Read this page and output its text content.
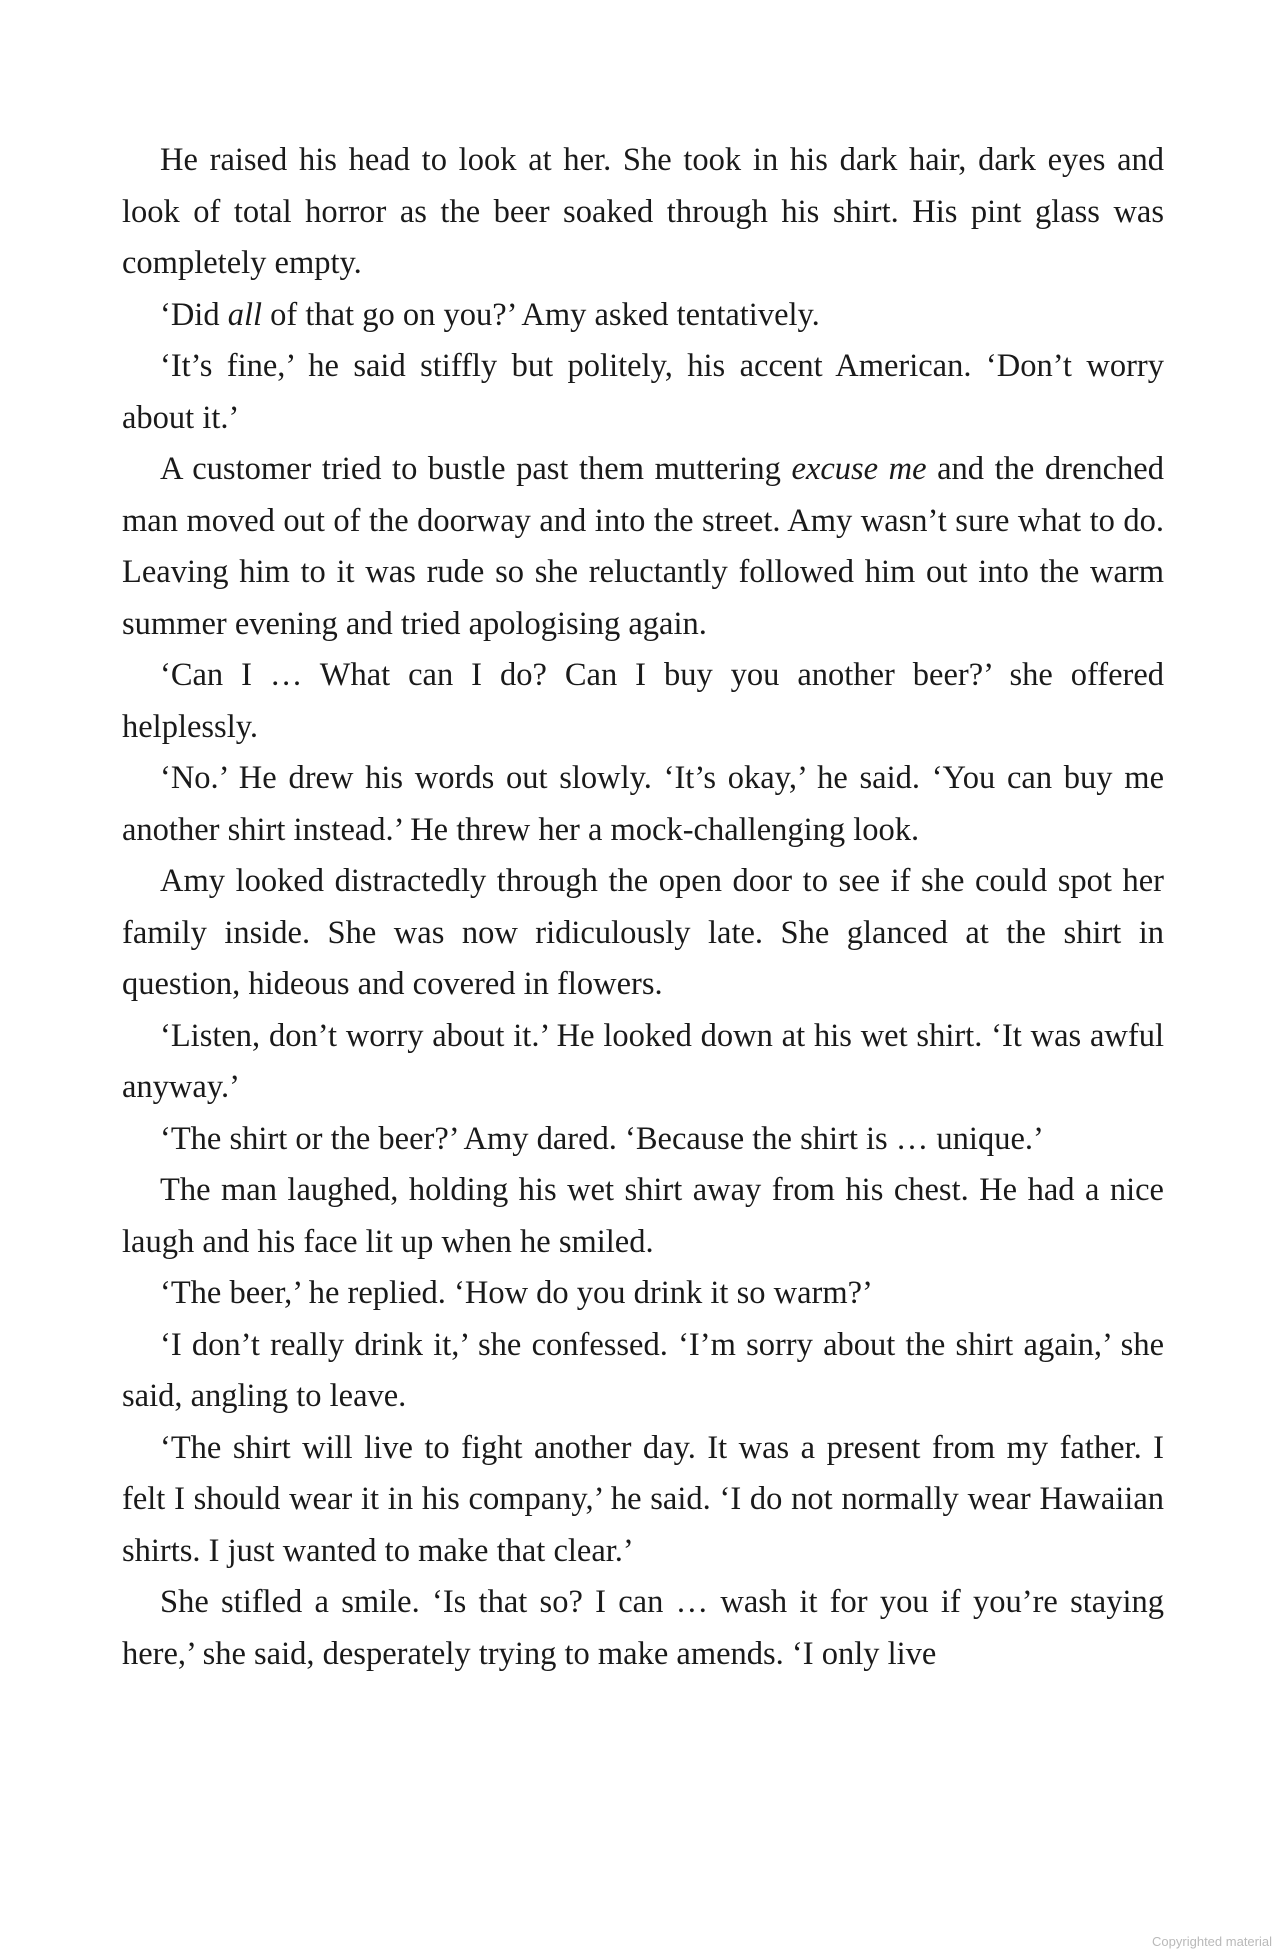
He raised his head to look at her. She took in his dark hair, dark eyes and look of total horror as the beer soaked through his shirt. His pint glass was completely empty.

‘Did all of that go on you?’ Amy asked tentatively.

‘It’s fine,’ he said stiffly but politely, his accent American. ‘Don’t worry about it.’

A customer tried to bustle past them muttering excuse me and the drenched man moved out of the doorway and into the street. Amy wasn’t sure what to do. Leaving him to it was rude so she reluctantly followed him out into the warm summer evening and tried apologising again.

‘Can I … What can I do? Can I buy you another beer?’ she offered helplessly.

‘No.’ He drew his words out slowly. ‘It’s okay,’ he said. ‘You can buy me another shirt instead.’ He threw her a mock-challenging look.

Amy looked distractedly through the open door to see if she could spot her family inside. She was now ridiculously late. She glanced at the shirt in question, hideous and covered in flowers.

‘Listen, don’t worry about it.’ He looked down at his wet shirt. ‘It was awful anyway.’

‘The shirt or the beer?’ Amy dared. ‘Because the shirt is … unique.’

The man laughed, holding his wet shirt away from his chest. He had a nice laugh and his face lit up when he smiled.

‘The beer,’ he replied. ‘How do you drink it so warm?’

‘I don’t really drink it,’ she confessed. ‘I’m sorry about the shirt again,’ she said, angling to leave.

‘The shirt will live to fight another day. It was a present from my father. I felt I should wear it in his company,’ he said. ‘I do not normally wear Hawaiian shirts. I just wanted to make that clear.’

She stifled a smile. ‘Is that so? I can … wash it for you if you’re staying here,’ she said, desperately trying to make amends. ‘I only live

Copyrighted material
